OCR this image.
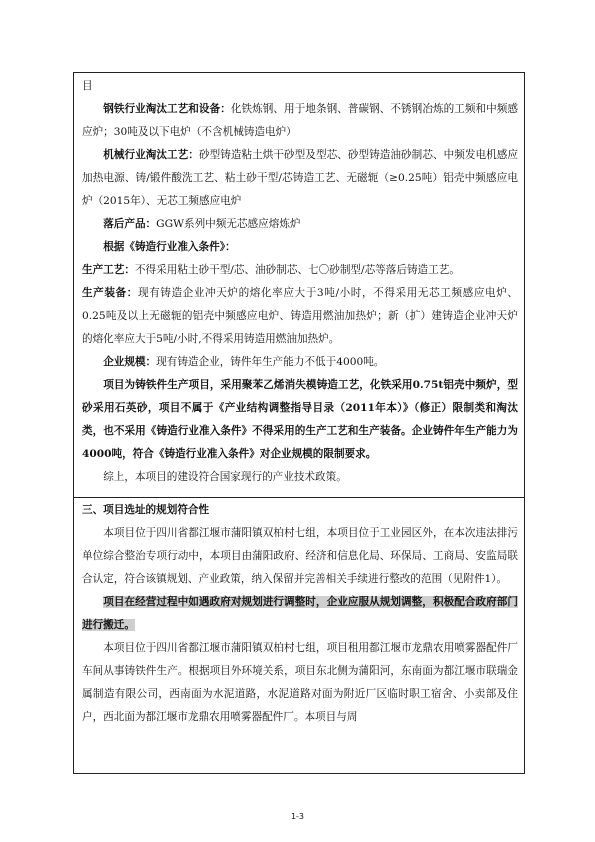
目
钢铁行业淘汰工艺和设备：化铁炼钢、用于地条钢、普碳钢、不锈钢冶炼的工频和中频感应炉；30吨及以下电炉（不含机械铸造电炉）
机械行业淘汰工艺：砂型铸造粘土烘干砂型及型芯、砂型铸造油砂制芯、中频发电机感应加热电源、铸/锻件酸洗工艺、粘土砂干型/芯铸造工艺、无磁轭（≥0.25吨）铝壳中频感应电炉（2015年）、无芯工频感应电炉
落后产品：GGW系列中频无芯感应熔炼炉
根据《铸造行业准入条件》：
生产工艺：不得采用粘土砂干型/芯、油砂制芯、七〇砂制型/芯等落后铸造工艺。
生产装备：现有铸造企业冲天炉的熔化率应大于3吨/小时，不得采用无芯工频感应电炉、0.25吨及以上无磁轭的铝壳中频感应电炉、铸造用燃油加热炉；新（扩）建铸造企业冲天炉的熔化率应大于5吨/小时,不得采用铸造用燃油加热炉。
企业规模：现有铸造企业，铸件年生产能力不低于4000吨。
项目为铸铁件生产项目，采用聚苯乙烯消失模铸造工艺，化铁采用0.75t铝壳中频炉，型砂采用石英砂，项目不属于《产业结构调整指导目录（2011年本）》（修正）限制类和淘汰类，也不采用《铸造行业准入条件》不得采用的生产工艺和生产装备。企业铸件年生产能力为4000吨，符合《铸造行业准入条件》对企业规模的限制要求。
综上，本项目的建设符合国家现行的产业技术政策。
三、项目选址的规划符合性
本项目位于四川省都江堰市蒲阳镇双柏村七组，本项目位于工业园区外，在本次违法排污单位综合整治专项行动中，本项目由蒲阳政府、经济和信息化局、环保局、工商局、安监局联合认定，符合该镇规划、产业政策，纳入保留并完善相关手续进行整改的范围（见附件1）。
项目在经营过程中如遇政府对规划进行调整时，企业应服从规划调整，积极配合政府部门进行搬迁。
本项目位于四川省都江堰市蒲阳镇双柏村七组，项目租用都江堰市龙鼎农用喷雾器配件厂车间从事铸铁件生产。根据项目外环境关系，项目东北侧为蒲阳河，东南面为都江堰市联瑞金属制造有限公司，西南面为水泥道路，水泥道路对面为附近厂区临时职工宿舍、小卖部及住户，西北面为都江堰市龙鼎农用喷雾器配件厂。本项目与周
1-3
